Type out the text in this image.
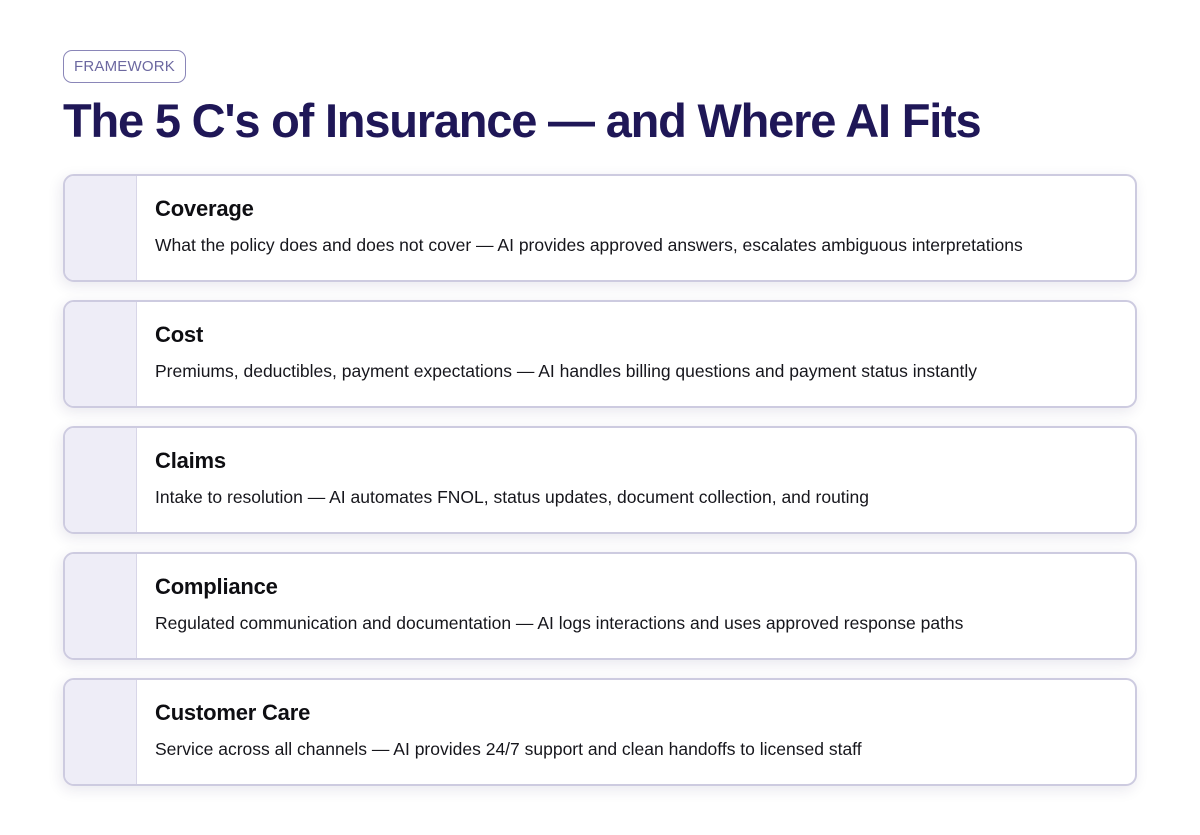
FRAMEWORK
The 5 C's of Insurance — and Where AI Fits
Coverage
What the policy does and does not cover — AI provides approved answers, escalates ambiguous interpretations
Cost
Premiums, deductibles, payment expectations — AI handles billing questions and payment status instantly
Claims
Intake to resolution — AI automates FNOL, status updates, document collection, and routing
Compliance
Regulated communication and documentation — AI logs interactions and uses approved response paths
Customer Care
Service across all channels — AI provides 24/7 support and clean handoffs to licensed staff
